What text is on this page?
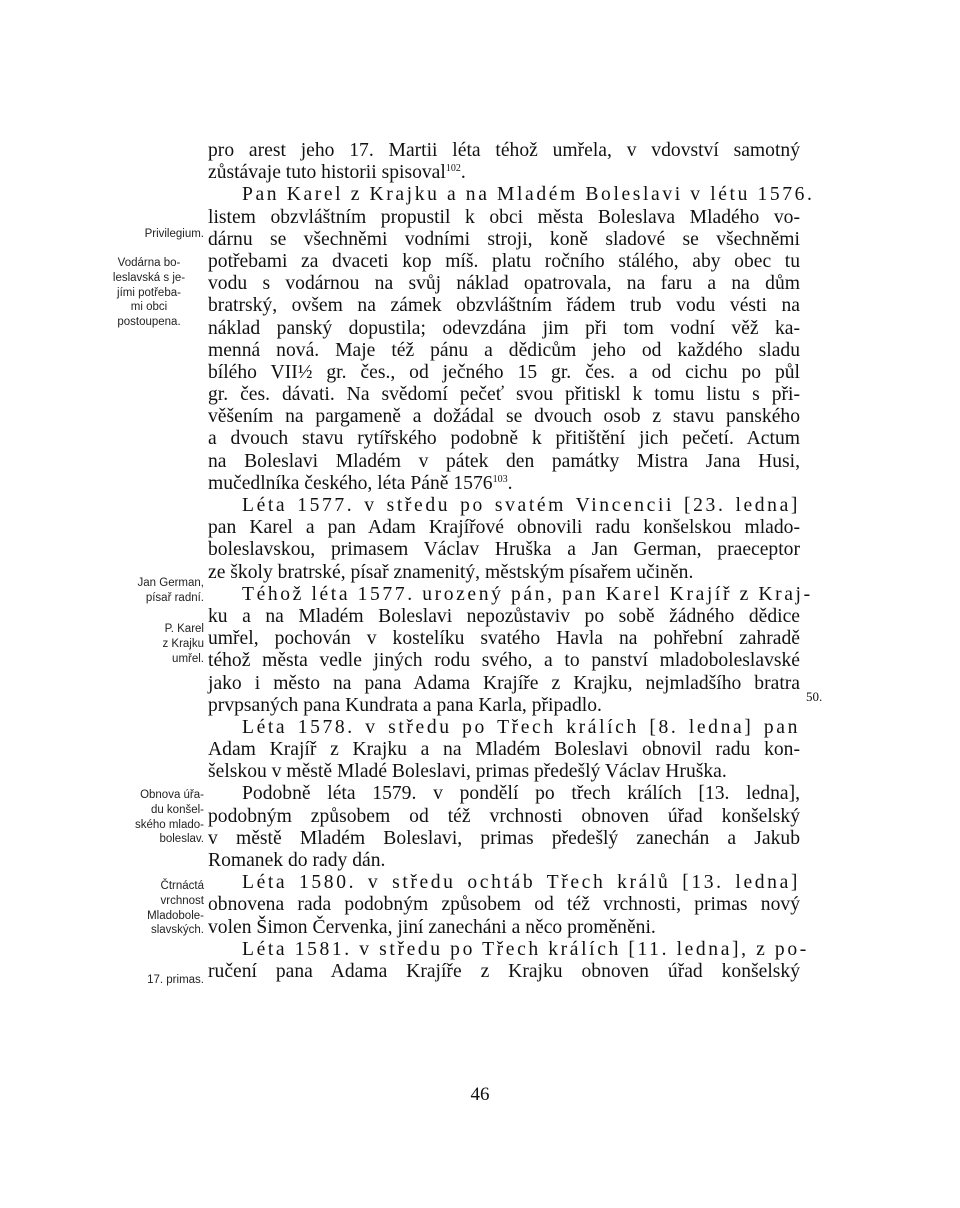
pro arest jeho 17. Martii léta téhož umřela, v vdovství samotný
zůstávaje tuto historii spisoval$^{102}$.
Pan Karel z Krajku a na Mladém Boleslavi v létu 1576.
listem obzvláštním propustil k obci města Boleslava Mladého vo-
dárnu se všechněmi vodními stroji, koně sladové se všechněmi
potřebami za dvaceti kop míš. platu ročního stálého, aby obec tu
vodu s vodárnou na svůj náklad opatrovala, na faru a na dům
bratrský, ovšem na zámek obzvláštním řádem trub vodu vésti na
náklad panský dopustila; odevzdána jim při tom vodní věž ka-
menná nová. Maje též pánu a dědicům jeho od každého sladu
bílého VII½ gr. čes., od ječného 15 gr. čes. a od cichu po půl
gr. čes. dávati. Na svědomí pečeť svou přitiskl k tomu listu s při-
věšením na pargameně a dožádal se dvouch osob z stavu panského
a dvouch stavu rytířského podobně k přitištění jich pečetí. Actum
na Boleslavi Mladém v pátek den památky Mistra Jana Husi,
mučedlníka českého, léta Páně 1576$^{103}$.
Léta 1577. v středu po svatém Vincencii [23. ledna]
pan Karel a pan Adam Krajířové obnovili radu konšelskou mlado-
boleslavskou, primasem Václav Hruška a Jan German, praeceptor
ze školy bratrské, písař znamenitý, městským písařem učiněn.
Téhož léta 1577. urozený pán, pan Karel Krajíř z Kraj-
ku a na Mladém Boleslavi nepozůstaviv po sobě žádného dědice
umřel, pochován v kostelíku svatého Havla na pohřební zahradě
téhož města vedle jiných rodu svého, a to panství mladoboleslavské
jako i město na pana Adama Krajíře z Krajku, nejmladšího bratra
prvpsaných pana Kundrata a pana Karla, připadlo.
Léta 1578. v středu po Třech králích [8. ledna] pan
Adam Krajíř z Krajku a na Mladém Boleslavi obnovil radu kon-
šelskou v městě Mladé Boleslavi, primas předešlý Václav Hruška.
Podobně léta 1579. v pondělí po třech králích [13. ledna],
podobným způsobem od též vrchnosti obnoven úřad konšelský
v městě Mladém Boleslavi, primas předešlý zanechán a Jakub
Romanek do rady dán.
Léta 1580. v středu ochtáb Třech králů [13. ledna]
obnovena rada podobným způsobem od též vrchnosti, primas nový
volen Šimon Červenka, jiní zanecháni a něco proměněni.
Léta 1581. v středu po Třech králích [11. ledna], z po-
ručení pana Adama Krajíře z Krajku obnoven úřad konšelský
Privilegium.
Vodárna bo-
leslavská s je-
jími potřeba-
mi obci
postoupena.
Jan German,
písař radní.
P. Karel
z Krajku
umřel.
Obnova úřa-
du konšel-
ského mlado-
boleslav.
Čtrnáctá
vrchnost
Mladobole-
slavských.
17. primas.
50.
46
